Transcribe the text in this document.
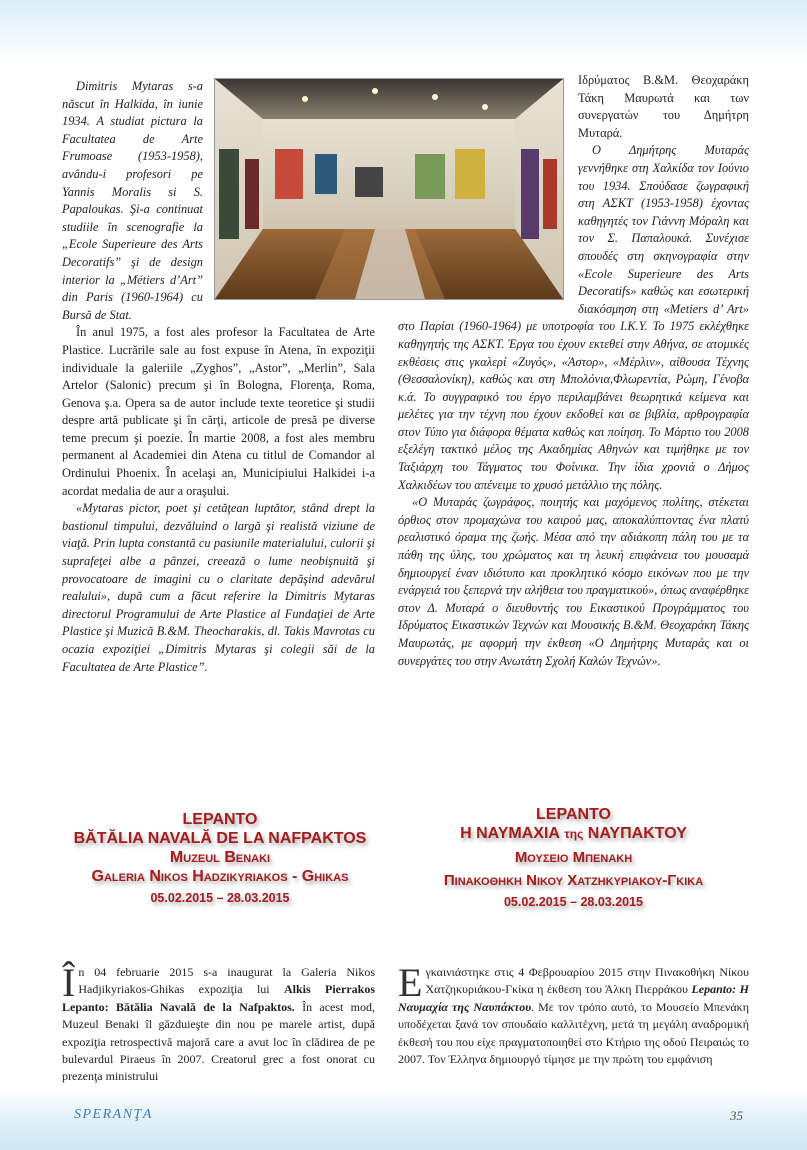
Dimitris Mytaras s-a născut în Halkida, în iunie 1934. A studiat pictura la Facultatea de Arte Frumoase (1953-1958), avându-i profesori pe Yannis Moralis si S. Papaloukas. Şi-a continuat studiile în scenografie la „Ecole Superieure des Arts Decoratifs” şi de design interior la „Métiers d’Art” din Paris (1960-1964) cu Bursă de Stat.

În anul 1975, a fost ales profesor la Facultatea de Arte Plastice. Lucrările sale au fost expuse în Atena, în expoziţii individuale la galeriile „Zyghos”, „Astor”, „Merlin”, Sala Artelor (Salonic) precum şi în Bologna, Florenţa, Roma, Genova ş.a. Opera sa de autor include texte teoretice şi studii despre artă publicate şi în cărţi, articole de presă pe diverse teme precum şi poezie. În martie 2008, a fost ales membru permanent al Academiei din Atena cu titlul de Comandor al Ordinului Phoenix. În acelaşi an, Municipiului Halkidei i-a acordat medalia de aur a oraşului.

«Mytaras pictor, poet şi cetăţean luptător, stând drept la bastionul timpului, dezvăluind o largă şi realistă viziune de viaţă. Prin lupta constantă cu pasiunile materialului, culorii şi suprafeţei albe a pânzei, creează o lume neobişnuită şi provocatoare de imagini cu o claritate depăşind adevărul realului», după cum a făcut referire la Dimitris Mytaras directorul Programului de Arte Plastice al Fundaţiei de Arte Plastice şi Muzică B.&M. Theocharakis, dl. Takis Mavrotas cu ocazia expoziţiei „Dimitris Mytaras şi colegii săi de la Facultatea de Arte Plastice”.

Ιδρύματος Β.&Μ. Θεοχαράκη Τάκη Μαυρωτά και των συνεργατών του Δημήτρη Μυταρά.

Ο Δημήτρης Μυταράς γεννήθηκε στη Χαλκίδα τον Ιούνιο του 1934. Σπούδασε ζωγραφική στη ΑΣΚΤ (1953-1958) έχοντας καθηγητές τον Γιάννη Μόραλη και τον Σ. Παπαλουκά. Συνέχισε σπουδές στη σκηνογραφία στην «Ecole Superieure des Arts Decoratifs» καθώς και εσωτερική διακόσμηση στη «Metiers d’ Art» στο Παρίσι (1960-1964) με υποτροφία του Ι.Κ.Υ. Το 1975 εκλέχθηκε καθηγητής της ΑΣΚΤ. Έργα του έχουν εκτεθεί στην Αθήνα, σε ατομικές εκθέσεις στις γκαλερί «Ζυγός», «Άστορ», «Μέρλιν», αίθουσα Τέχνης (Θεσσαλονίκη), καθώς και στη Μπολόνια,Φλωρεντία, Ρώμη, Γένοβα κ.ά. Το συγγραφικό του έργο περιλαμβάνει θεωρητικά κείμενα και μελέτες για την τέχνη που έχουν εκδοθεί και σε βιβλία, αρθρογραφία στον Τύπο για διάφορα θέματα καθώς και ποίηση. Το Μάρτιο του 2008 εξελέγη τακτικό μέλος της Ακαδημίας Αθηνών και τιμήθηκε με τον Ταξιάρχη του Τάγματος του Φοίνικα. Την ίδια χρονιά ο Δήμος Χαλκιδέων του απένειμε το χρυσό μετάλλιο της πόλης.

«Ο Μυταράς ζωγράφος, ποιητής και μαχόμενος πολίτης, στέκεται όρθιος στον προμαχώνα του καιρού μας, αποκαλύπτοντας ένα πλατύ ρεαλιστικό όραμα της ζωής. Μέσα από την αδιάκοπη πάλη του με τα πάθη της ύλης, του χρώματος και τη λευκή επιφάνεια του μουσαμά δημιουργεί έναν ιδιότυπο και προκλητικό κόσμο εικόνων που με την ενάργειά του ξεπερνά την αλήθεια του πραγματικού», όπως αναφέρθηκε στον Δ. Μυταρά ο διευθυντής του Εικαστικού Προγράμματος του Ιδρύματος Εικαστικών Τεχνών και Μουσικής Β.&Μ. Θεοχαράκη Τάκης Μαυρωτάς, με αφορμή την έκθεση «Ο Δημήτρης Μυταράς και οι συνεργάτες του στην Ανωτάτη Σχολή Καλών Τεχνών».

LEPANTO
BĂTĂLIA NAVALĂ DE LA NAFPAKTOS
Muzeul Benaki
Galeria Nikos Hadzikyriakos - Ghikas
05.02.2015 – 28.03.2015
LEPANTO
Η ΝΑΥΜΑΧΙΑ της ΝΑΥΠΑΚΤΟΥ
Μουσειο Μπενακη
Πινακοθηκη Νικου Χατζηκυριακου-Γκικα
05.02.2015 – 28.03.2015

În 04 februarie 2015 s-a inaugurat la Galeria Nikos Hadjikyriakos-Ghikas expoziţia lui Alkis Pierrakos Lepanto: Bătălia Navală de la Nafpaktos. În acest mod, Muzeul Benaki îl găzduieşte din nou pe marele artist, după expoziţia retrospectivă majoră care a avut loc în clădirea de pe bulevardul Piraeus în 2007. Creatorul grec a fost onorat cu prezenţa ministrului

Εγκαινιάστηκε στις 4 Φεβρουαρίου 2015 στην Πινακοθήκη Νίκου Χατζηκυριάκου-Γκίκα η έκθεση του Άλκη Πιερράκου Lepanto: Η Ναυμαχία της Ναυπάκτου. Με τον τρόπο αυτό, το Μουσείο Μπενάκη υποδέχεται ξανά τον σπουδαίο καλλιτέχνη, μετά τη μεγάλη αναδρομική έκθεσή του που είχε πραγματοποιηθεί στο Κτήριο της οδού Πειραιώς το 2007. Τον Έλληνα δημιουργό τίμησε με την πρώτη του εμφάνιση

SPERANŢA	35
